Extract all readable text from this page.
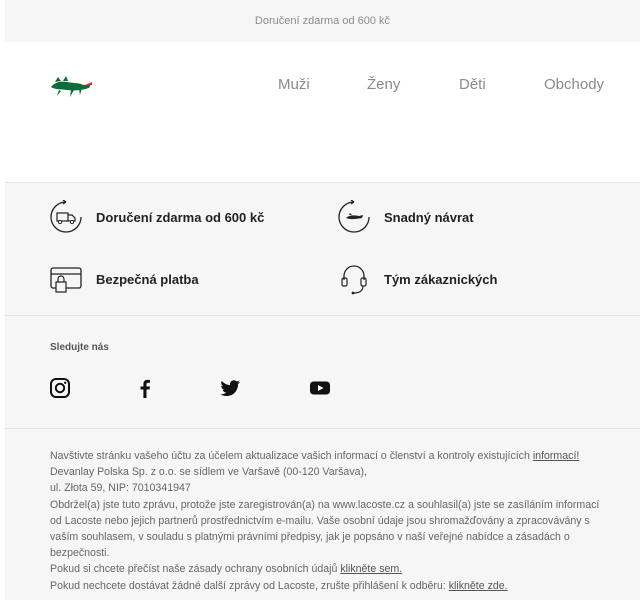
Doručení zdarma od 600 kč
Muži	Ženy	Děti	Obchody
Doručení zdarma od 600 kč	Snadný návrat
Bezpečná platba	Tým zákaznických
Sledujte nás
Navštivte stránku vašeho účtu za účelem aktualizace vašich informací o členství a kontroly existujících informací!
Devanlay Polska Sp. z o.o. se sídlem ve Varšavě (00-120 Varšava),
ul. Złota 59, NIP: 7010341947
Obdržel(a) jste tuto zprávu, protože jste zaregistrován(a) na www.lacoste.cz a souhlasil(a) jste se zasíláním informací od Lacoste nebo jejich partnerů prostřednictvím e-mailu. Vaše osobní údaje jsou shromažďovány a zpracovávány s vaším souhlasem, v souladu s platnými právními předpisy, jak je popsáno v naší veřejné nabídce a zásadách o bezpečnosti.
Pokud si chcete přečíst naše zásady ochrany osobních údajů klikněte sem.
Pokud nechcete dostávat žádné další zprávy od Lacoste, zrušte přihlášení k odběru: klikněte zde.
